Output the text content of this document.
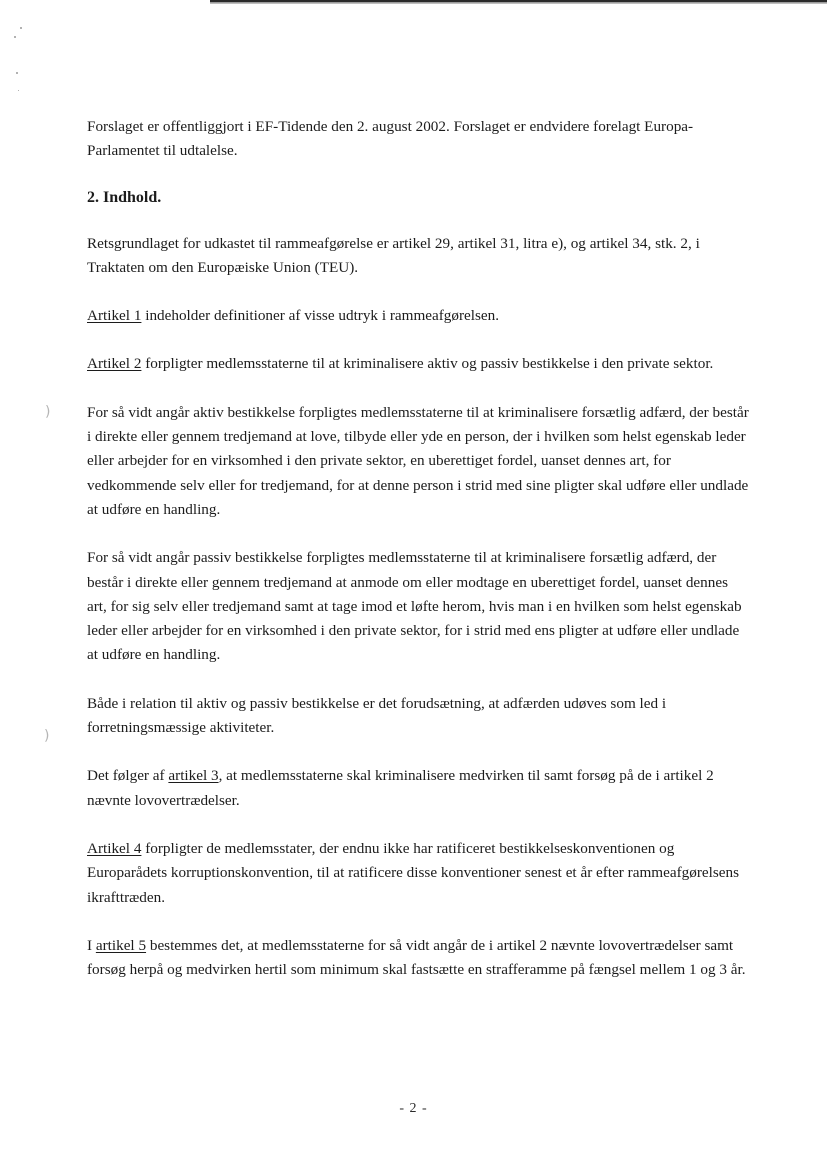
)
)

Forslaget er offentliggjort i EF-Tidende den 2. august 2002. Forslaget er endvidere forelagt Europa-Parlamentet til udtalelse.

2. Indhold.

Retsgrundlaget for udkastet til rammeafgørelse er artikel 29, artikel 31, litra e), og artikel 34, stk. 2, i Traktaten om den Europæiske Union (TEU).

Artikel 1 indeholder definitioner af visse udtryk i rammeafgørelsen.

Artikel 2 forpligter medlemsstaterne til at kriminalisere aktiv og passiv bestikkelse i den private sektor.

For så vidt angår aktiv bestikkelse forpligtes medlemsstaterne til at kriminalisere forsætlig adfærd, der består i direkte eller gennem tredjemand at love, tilbyde eller yde en person, der i hvilken som helst egenskab leder eller arbejder for en virksomhed i den private sektor, en uberettiget fordel, uanset dennes art, for vedkommende selv eller for tredjemand, for at denne person i strid med sine pligter skal udføre eller undlade at udføre en handling.

For så vidt angår passiv bestikkelse forpligtes medlemsstaterne til at kriminalisere forsætlig adfærd, der består i direkte eller gennem tredjemand at anmode om eller modtage en uberettiget fordel, uanset dennes art, for sig selv eller tredjemand samt at tage imod et løfte herom, hvis man i en hvilken som helst egenskab leder eller arbejder for en virksomhed i den private sektor, for i strid med ens pligter at udføre eller undlade at udføre en handling.

Både i relation til aktiv og passiv bestikkelse er det forudsætning, at adfærden udøves som led i forretningsmæssige aktiviteter.

Det følger af artikel 3, at medlemsstaterne skal kriminalisere medvirken til samt forsøg på de i artikel 2 nævnte lovovertrædelser.

Artikel 4 forpligter de medlemsstater, der endnu ikke har ratificeret bestikkelseskonventionen og Europarådets korruptionskonvention, til at ratificere disse konventioner senest et år efter rammeafgørelsens ikrafttræden.

I artikel 5 bestemmes det, at medlemsstaterne for så vidt angår de i artikel 2 nævnte lovovertrædelser samt forsøg herpå og medvirken hertil som minimum skal fastsætte en strafferamme på fængsel mellem 1 og 3 år.

- 2 -
